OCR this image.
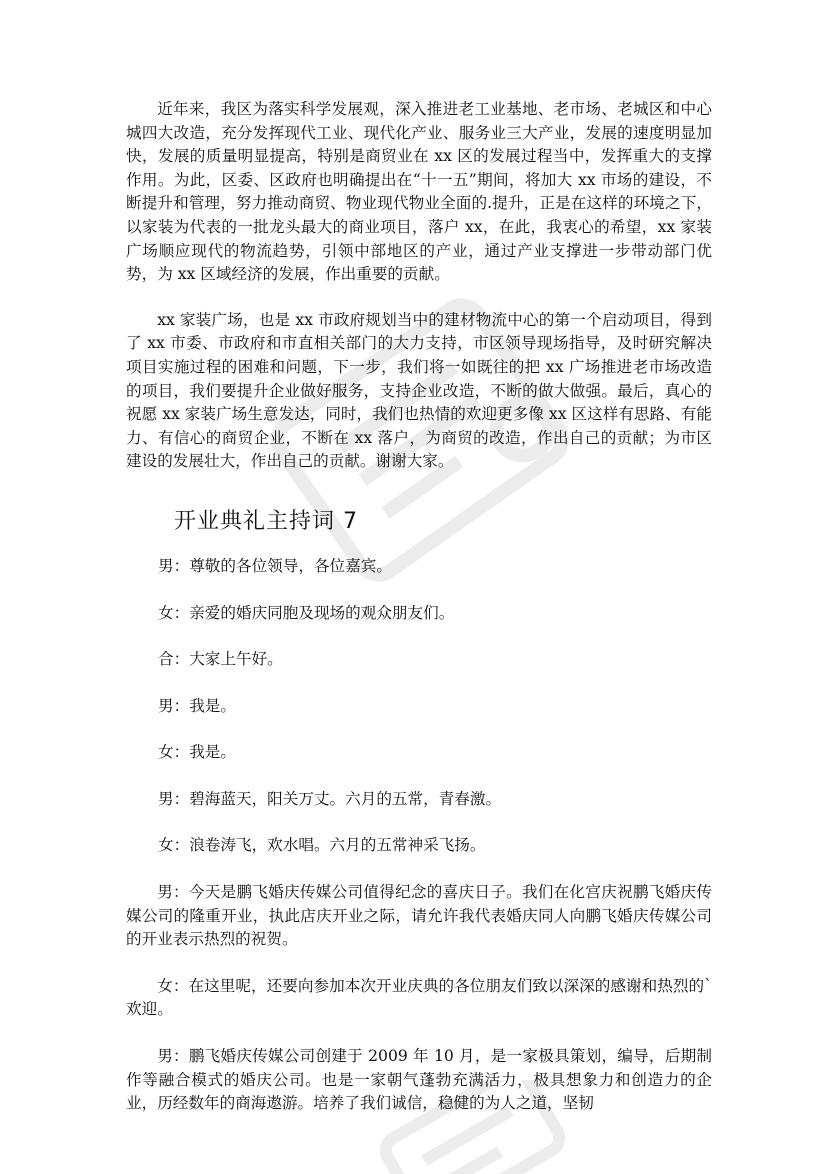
近年来，我区为落实科学发展观，深入推进老工业基地、老市场、老城区和中心城四大改造，充分发挥现代工业、现代化产业、服务业三大产业，发展的速度明显加快，发展的质量明显提高，特别是商贸业在 xx 区的发展过程当中，发挥重大的支撑作用。为此，区委、区政府也明确提出在“十一五”期间，将加大 xx 市场的建设，不断提升和管理，努力推动商贸、物业现代物业全面的.提升，正是在这样的环境之下，以家装为代表的一批龙头最大的商业项目，落户 xx，在此，我衷心的希望，xx 家装广场顺应现代的物流趋势，引领中部地区的产业，通过产业支撑进一步带动部门优势，为 xx 区域经济的发展，作出重要的贡献。

xx 家装广场，也是 xx 市政府规划当中的建材物流中心的第一个启动项目，得到了 xx 市委、市政府和市直相关部门的大力支持，市区领导现场指导，及时研究解决项目实施过程的困难和问题，下一步，我们将一如既往的把 xx 广场推进老市场改造的项目，我们要提升企业做好服务，支持企业改造，不断的做大做强。最后，真心的祝愿 xx 家装广场生意发达，同时，我们也热情的欢迎更多像 xx 区这样有思路、有能力、有信心的商贸企业，不断在 xx 落户，为商贸的改造，作出自己的贡献；为市区建设的发展壮大，作出自己的贡献。谢谢大家。

开业典礼主持词 7

男：尊敬的各位领导，各位嘉宾。

女：亲爱的婚庆同胞及现场的观众朋友们。

合：大家上午好。

男：我是。

女：我是。

男：碧海蓝天，阳关万丈。六月的五常，青春激。

女：浪卷涛飞，欢水唱。六月的五常神采飞扬。

男：今天是鹏飞婚庆传媒公司值得纪念的喜庆日子。我们在化宫庆祝鹏飞婚庆传媒公司的隆重开业，执此店庆开业之际，请允许我代表婚庆同人向鹏飞婚庆传媒公司的开业表示热烈的祝贺。

女：在这里呢，还要向参加本次开业庆典的各位朋友们致以深深的感谢和热烈的`欢迎。

男：鹏飞婚庆传媒公司创建于 2009 年 10 月，是一家极具策划，编导，后期制作等融合模式的婚庆公司。也是一家朝气蓬勃充满活力，极具想象力和创造力的企业，历经数年的商海遨游。培养了我们诚信，稳健的为人之道，坚韧
